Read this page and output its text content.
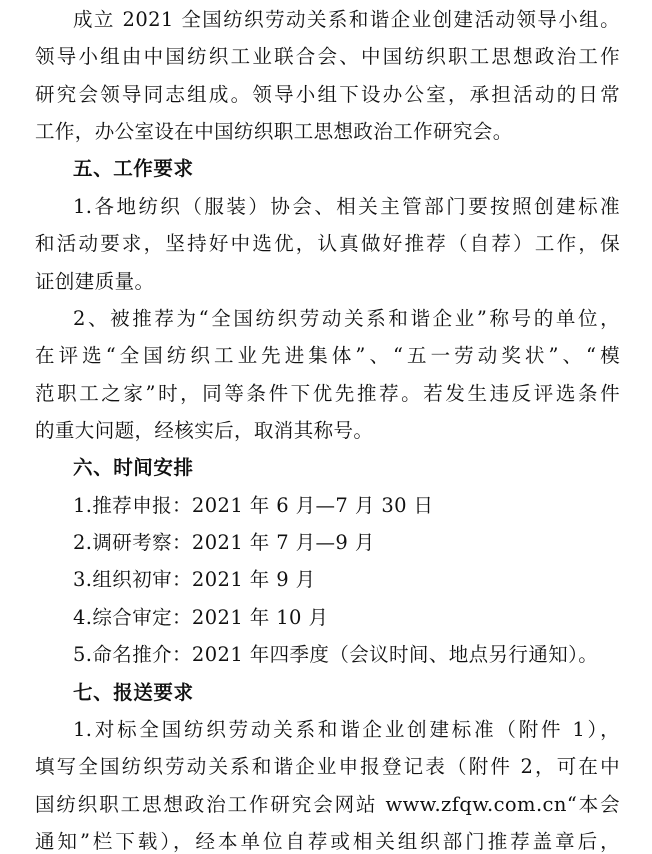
成立 2021 全国纺织劳动关系和谐企业创建活动领导小组。
领导小组由中国纺织工业联合会、中国纺织职工思想政治工作
研究会领导同志组成。领导小组下设办公室，承担活动的日常
工作，办公室设在中国纺织职工思想政治工作研究会。
五、工作要求
1.各地纺织（服装）协会、相关主管部门要按照创建标准
和活动要求，坚持好中选优，认真做好推荐（自荐）工作，保
证创建质量。
2、被推荐为“全国纺织劳动关系和谐企业”称号的单位，
在评选“全国纺织工业先进集体”、“五一劳动奖状”、“模
范职工之家”时，同等条件下优先推荐。若发生违反评选条件
的重大问题，经核实后，取消其称号。
六、时间安排
1.推荐申报：2021 年 6 月—7 月 30 日
2.调研考察：2021 年 7 月—9 月
3.组织初审：2021 年 9 月
4.综合审定：2021 年 10 月
5.命名推介：2021 年四季度（会议时间、地点另行通知）。
七、报送要求
1.对标全国纺织劳动关系和谐企业创建标准（附件 1），
填写全国纺织劳动关系和谐企业申报登记表（附件 2，可在中
国纺织职工思想政治工作研究会网站 www.zfqw.com.cn“本会
通知”栏下载），经本单位自荐或相关组织部门推荐盖章后，
